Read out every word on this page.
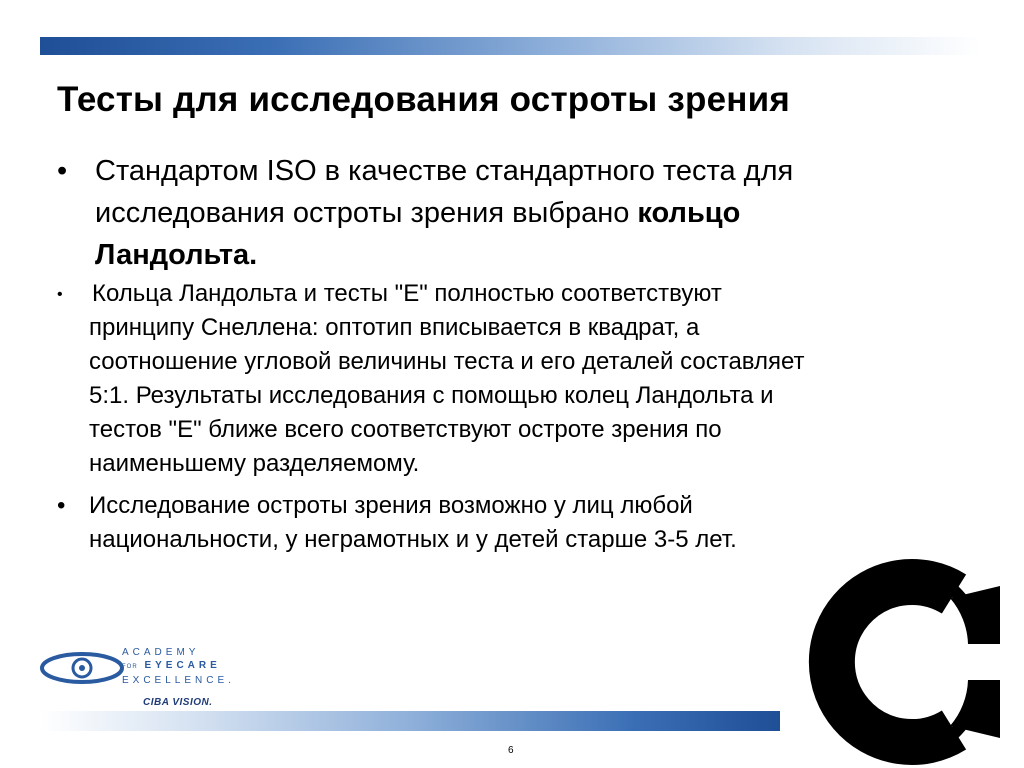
Тесты для исследования остроты зрения
• Стандартом ISO в качестве стандартного теста для
исследования остроты зрения выбрано кольцо
Ландольта.
• Кольца Ландольта и тесты "Е" полностью соответствуют
принципу Снеллена: оптотип вписывается в квадрат, а
соотношение угловой величины теста и его деталей составляет
5:1. Результаты исследования с помощью колец Ландольта и
тестов "Е" ближе всего соответствуют остроте зрения по
наименьшему разделяемому.
• Исследование остроты зрения возможно у лиц любой
национальности, у неграмотных и у детей старше 3-5 лет.
ACADEMY
FOR EYECARE
EXCELLENCE.
CIBA VISION.
6
